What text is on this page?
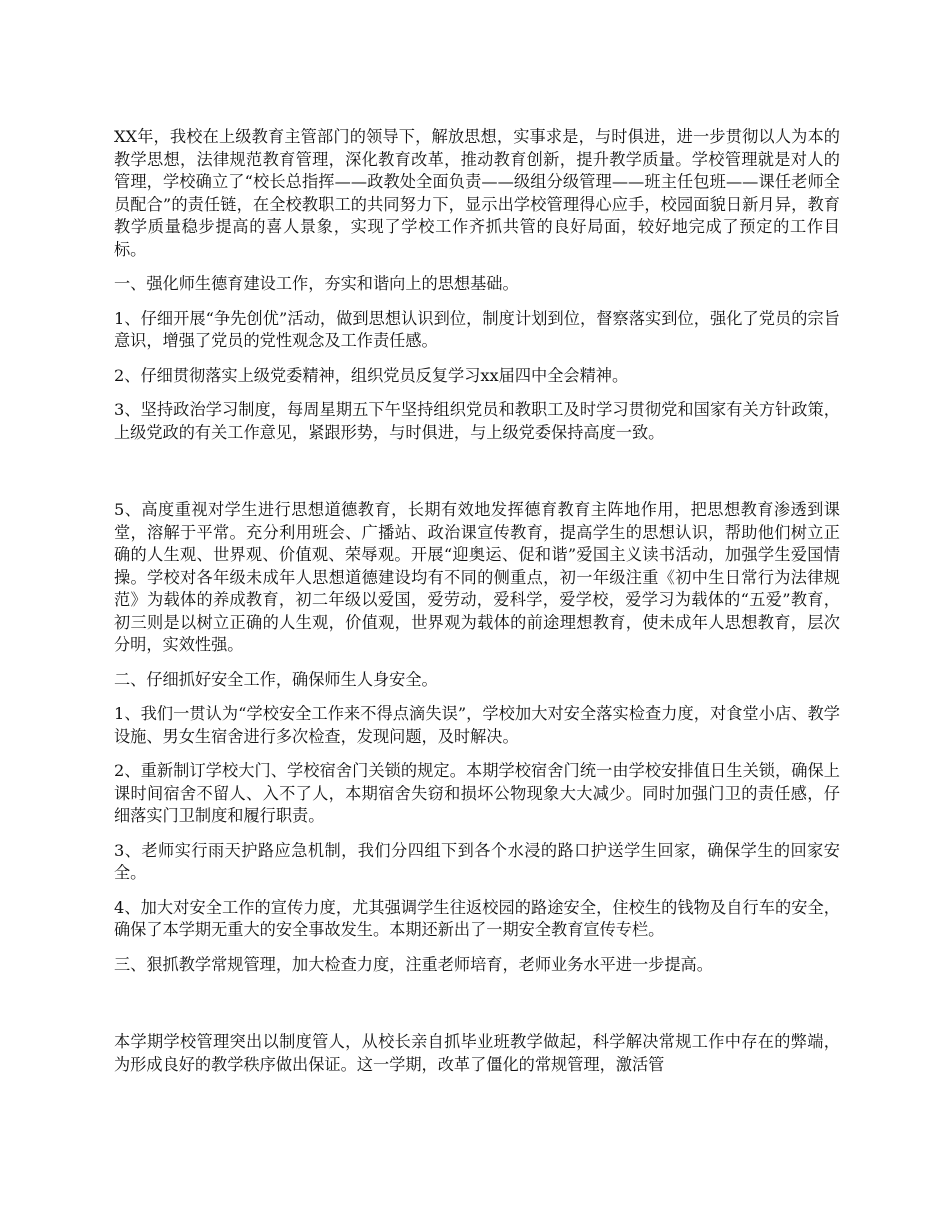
XX年，我校在上级教育主管部门的领导下，解放思想，实事求是，与时俱进，进一步贯彻以人为本的教学思想，法律规范教育管理，深化教育改革，推动教育创新，提升教学质量。学校管理就是对人的管理，学校确立了“校长总指挥——政教处全面负责——级组分级管理——班主任包班——课任老师全员配合”的责任链，在全校教职工的共同努力下，显示出学校管理得心应手，校园面貌日新月异，教育教学质量稳步提高的喜人景象，实现了学校工作齐抓共管的良好局面，较好地完成了预定的工作目标。

一、强化师生德育建设工作，夯实和谐向上的思想基础。

1、仔细开展“争先创优”活动，做到思想认识到位，制度计划到位，督察落实到位，强化了党员的宗旨意识，增强了党员的党性观念及工作责任感。

2、仔细贯彻落实上级党委精神，组织党员反复学习xx届四中全会精神。

3、坚持政治学习制度，每周星期五下午坚持组织党员和教职工及时学习贯彻党和国家有关方针政策，上级党政的有关工作意见，紧跟形势，与时俱进，与上级党委保持高度一致。

5、高度重视对学生进行思想道德教育，长期有效地发挥德育教育主阵地作用，把思想教育渗透到课堂，溶解于平常。充分利用班会、广播站、政治课宣传教育，提高学生的思想认识，帮助他们树立正确的人生观、世界观、价值观、荣辱观。开展“迎奥运、促和谐”爱国主义读书活动，加强学生爱国情操。学校对各年级未成年人思想道德建设均有不同的侧重点，初一年级注重《初中生日常行为法律规范》为载体的养成教育，初二年级以爱国，爱劳动，爱科学，爱学校，爱学习为载体的“五爱”教育，初三则是以树立正确的人生观，价值观，世界观为载体的前途理想教育，使未成年人思想教育，层次分明，实效性强。

二、仔细抓好安全工作，确保师生人身安全。

1、我们一贯认为“学校安全工作来不得点滴失误”，学校加大对安全落实检查力度，对食堂小店、教学设施、男女生宿舍进行多次检查，发现问题，及时解决。

2、重新制订学校大门、学校宿舍门关锁的规定。本期学校宿舍门统一由学校安排值日生关锁，确保上课时间宿舍不留人、入不了人，本期宿舍失窃和损坏公物现象大大减少。同时加强门卫的责任感，仔细落实门卫制度和履行职责。

3、老师实行雨天护路应急机制，我们分四组下到各个水浸的路口护送学生回家，确保学生的回家安全。

4、加大对安全工作的宣传力度，尤其强调学生往返校园的路途安全，住校生的钱物及自行车的安全，确保了本学期无重大的安全事故发生。本期还新出了一期安全教育宣传专栏。

三、狠抓教学常规管理，加大检查力度，注重老师培育，老师业务水平进一步提高。

本学期学校管理突出以制度管人，从校长亲自抓毕业班教学做起，科学解决常规工作中存在的弊端，为形成良好的教学秩序做出保证。这一学期，改革了僵化的常规管理，激活管
